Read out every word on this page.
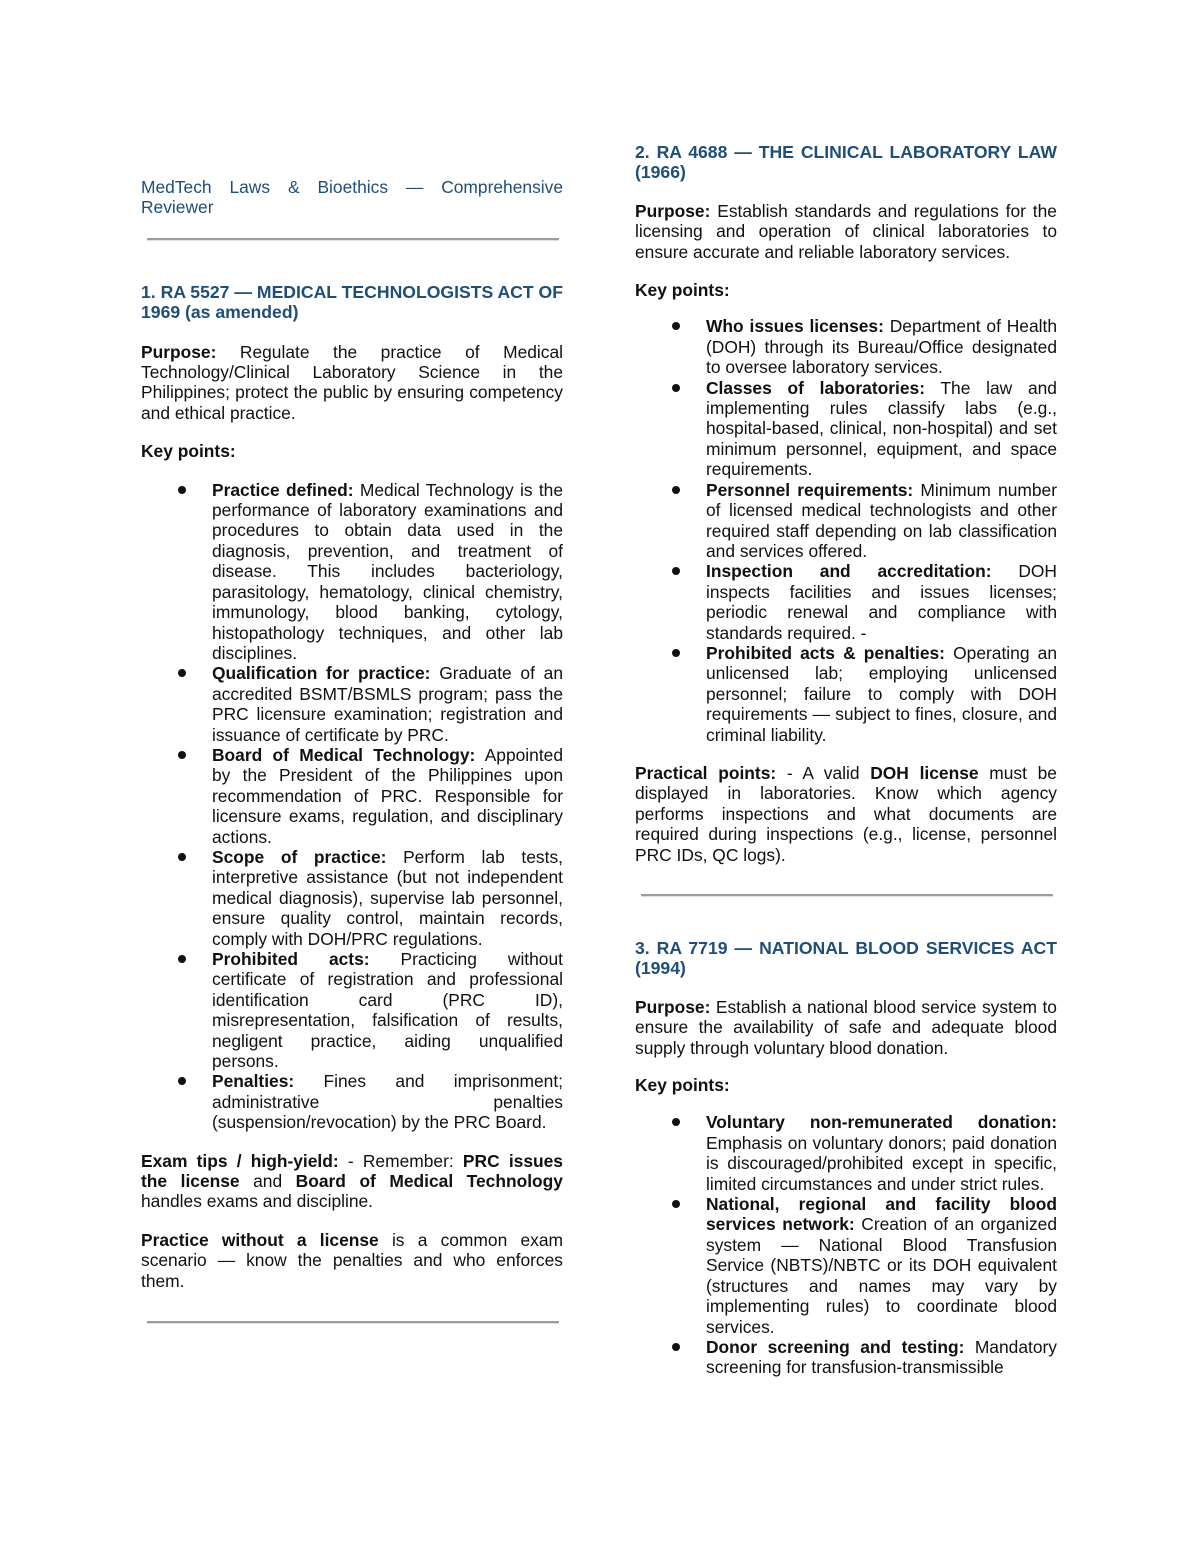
MedTech Laws & Bioethics — Comprehensive Reviewer

1. RA 5527 — MEDICAL TECHNOLOGISTS ACT OF 1969 (as amended)

Purpose: Regulate the practice of Medical Technology/Clinical Laboratory Science in the Philippines; protect the public by ensuring competency and ethical practice.

Key points:

Practice defined: Medical Technology is the performance of laboratory examinations and procedures to obtain data used in the diagnosis, prevention, and treatment of disease. This includes bacteriology, parasitology, hematology, clinical chemistry, immunology, blood banking, cytology, histopathology techniques, and other lab disciplines.
Qualification for practice: Graduate of an accredited BSMT/BSMLS program; pass the PRC licensure examination; registration and issuance of certificate by PRC.
Board of Medical Technology: Appointed by the President of the Philippines upon recommendation of PRC. Responsible for licensure exams, regulation, and disciplinary actions.
Scope of practice: Perform lab tests, interpretive assistance (but not independent medical diagnosis), supervise lab personnel, ensure quality control, maintain records, comply with DOH/PRC regulations.
Prohibited acts: Practicing without certificate of registration and professional identification card (PRC ID), misrepresentation, falsification of results, negligent practice, aiding unqualified persons.
Penalties: Fines and imprisonment; administrative penalties (suspension/revocation) by the PRC Board.

Exam tips / high-yield: - Remember: PRC issues the license and Board of Medical Technology handles exams and discipline.

Practice without a license is a common exam scenario — know the penalties and who enforces them.

2. RA 4688 — THE CLINICAL LABORATORY LAW (1966)

Purpose: Establish standards and regulations for the licensing and operation of clinical laboratories to ensure accurate and reliable laboratory services.

Key points:

Who issues licenses: Department of Health (DOH) through its Bureau/Office designated to oversee laboratory services.
Classes of laboratories: The law and implementing rules classify labs (e.g., hospital-based, clinical, non-hospital) and set minimum personnel, equipment, and space requirements.
Personnel requirements: Minimum number of licensed medical technologists and other required staff depending on lab classification and services offered.
Inspection and accreditation: DOH inspects facilities and issues licenses; periodic renewal and compliance with standards required. -
Prohibited acts & penalties: Operating an unlicensed lab; employing unlicensed personnel; failure to comply with DOH requirements — subject to fines, closure, and criminal liability.

Practical points: - A valid DOH license must be displayed in laboratories. Know which agency performs inspections and what documents are required during inspections (e.g., license, personnel PRC IDs, QC logs).

3. RA 7719 — NATIONAL BLOOD SERVICES ACT (1994)

Purpose: Establish a national blood service system to ensure the availability of safe and adequate blood supply through voluntary blood donation.

Key points:

Voluntary non-remunerated donation: Emphasis on voluntary donors; paid donation is discouraged/prohibited except in specific, limited circumstances and under strict rules.
National, regional and facility blood services network: Creation of an organized system — National Blood Transfusion Service (NBTS)/NBTC or its DOH equivalent (structures and names may vary by implementing rules) to coordinate blood services.
Donor screening and testing: Mandatory screening for transfusion-transmissible
